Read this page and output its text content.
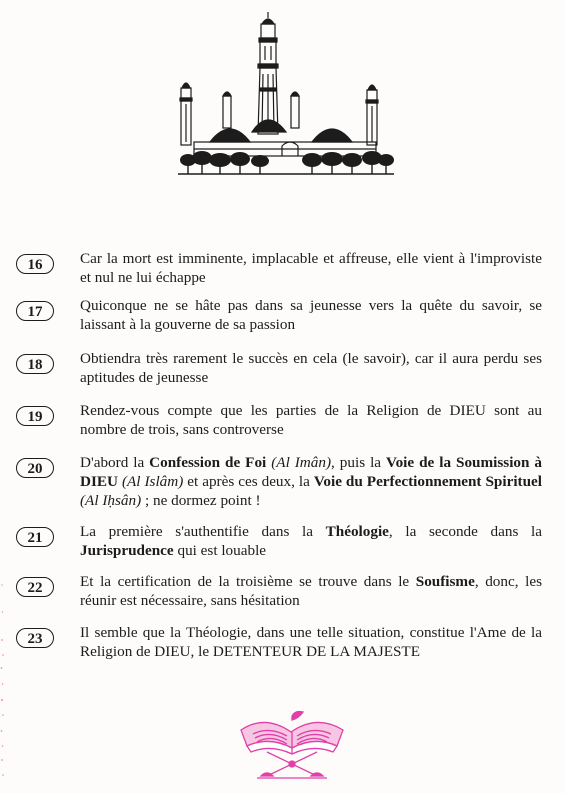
16	Car la mort est imminente, implacable et affreuse, elle vient à l'improviste et nul ne lui échappe
17	Quiconque ne se hâte pas dans sa jeunesse vers la quête du savoir, se laissant à la gouverne de sa passion
18	Obtiendra très rarement le succès en cela (le savoir), car il aura perdu ses aptitudes de jeunesse
19	Rendez-vous compte que les parties de la Religion de DIEU sont au nombre de trois, sans controverse
20	D'abord la Confession de Foi (Al Imân), puis la Voie de la Soumission à DIEU (Al Islâm) et après ces deux, la Voie du Perfectionnement Spirituel (Al Iḥsân) ; ne dormez point !
21	La première s'authentifie dans la Théologie, la seconde dans la Jurisprudence qui est louable
22	Et la certification de la troisième se trouve dans le Soufisme, donc, les réunir est nécessaire, sans hésitation
23	Il semble que la Théologie, dans une telle situation, constitue l'Ame de la Religion de DIEU, le DETENTEUR DE LA MAJESTE
